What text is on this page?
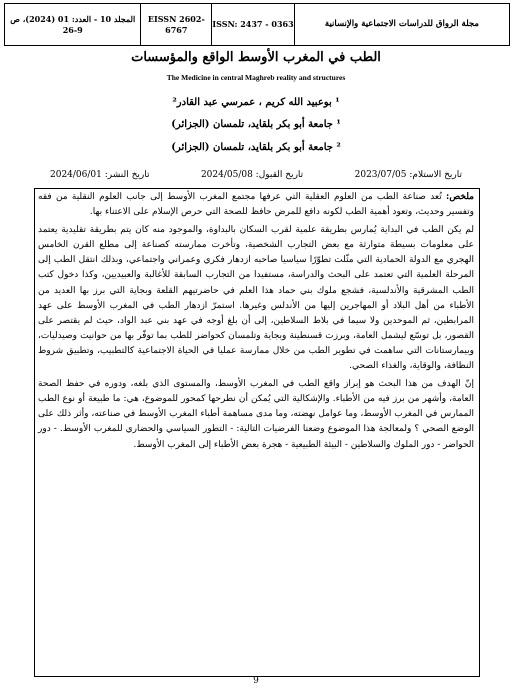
المجلد 10 - العدد: 01 (2024)، ص 9-26
EISSN 2602-6767
ISSN: 2437 - 0363	مجلة الرواق للدراسات الاجتماعية والإنسانية
الطب في المغرب الأوسط الواقع والمؤسسات
The Medicine in central Maghreb reality and structures
¹ بوعبيد الله كريم ، عمرسي عبد القادر²
¹ جامعة أبو بكر بلقايد، تلمسان (الجزائر)
² جامعة أبو بكر بلقايد، تلمسان (الجزائر)
تاريخ الاستلام: 2023/07/05
تاريخ القبول: 2024/05/08
تاريخ النشر: 2024/06/01

ملخص: تُعد صناعة الطب من العلوم العقلية التي عرفها مجتمع المغرب الأوسط إلى جانب العلوم النقلية من فقه وتفسير وحديث، وتعود أهمية الطب لكونه دافع للمرض حافظ للصحة التي حرص الإسلام على الاعتناء بها.

لم يكن الطب في البداية يُمارس بطريقة علمية لقرب السكان بالبداوة، والموجود منه كان يتم بطريقة تقليدية يعتمد على معلومات بسيطة متوارثة مع بعض التجارب الشخصية، وتأخرت ممارسته كصناعة إلى مطلع القرن الخامس الهجري مع الدولة الحمادية التي مثّلت تطوّرًا سياسيا صاحبه ازدهار فكري وعمراني واجتماعي، وبذلك انتقل الطب إلى المرحلة العلمية التي تعتمد على البحث والدراسة، مستفيدا من التجارب السابقة للأغالبة والعبيديين، وكذا دخول كتب الطب المشرقية والأندلسية، فشجع ملوك بني حماد هذا العلم في حاضرتيهم القلعة وبجاية التي برز بها العديد من الأطباء من أهل البلاد أو المهاجرين إليها من الأندلس وغيرها. استمرّ ازدهار الطب في المغرب الأوسط على عهد المرابطين، ثم الموحدين ولا سيما في بلاط السلاطين، إلى أن بلغ أوجه في عهد بني عبد الواد، حيث لم يقتصر على القصور، بل توسّع ليشمل العامة، وبرزت قسنطينة وبجاية وتلمسان كحواضر للطب بما توفّر بها من حوانيت وصيدليات، وبيمارستانات التي ساهمت في تطوير الطب من خلال ممارسة عمليا في الحياة الاجتماعية كالتطبيب، وتطبيق شروط النظافة، والوقاية، والغذاء الصحي.

إنّ الهدف من هذا البحث هو إبراز واقع الطب في المغرب الأوسط، والمستوى الذي بلغه، ودوره في حفظ الصحة العامة، وأشهر من برز فيه من الأطباء. والإشكالية التي يُمكن أن نطرحها كمحور للموضوع، هي: ما طبيعة أو نوع الطب الممارس في المغرب الأوسط، وما عوامل نهضته، وما مدى مساهمة أطباء المغرب الأوسط في صناعته، وأثر ذلك على الوضع الصحي ؟ ولمعالجة هذا الموضوع وضعنا الفرضيات التالية: - التطور السياسي والحضاري للمغرب الأوسط. - دور الحواضر - دور الملوك والسلاطين - البيئة الطبيعية - هجرة بعض الأطباء إلى المغرب الأوسط.

9
